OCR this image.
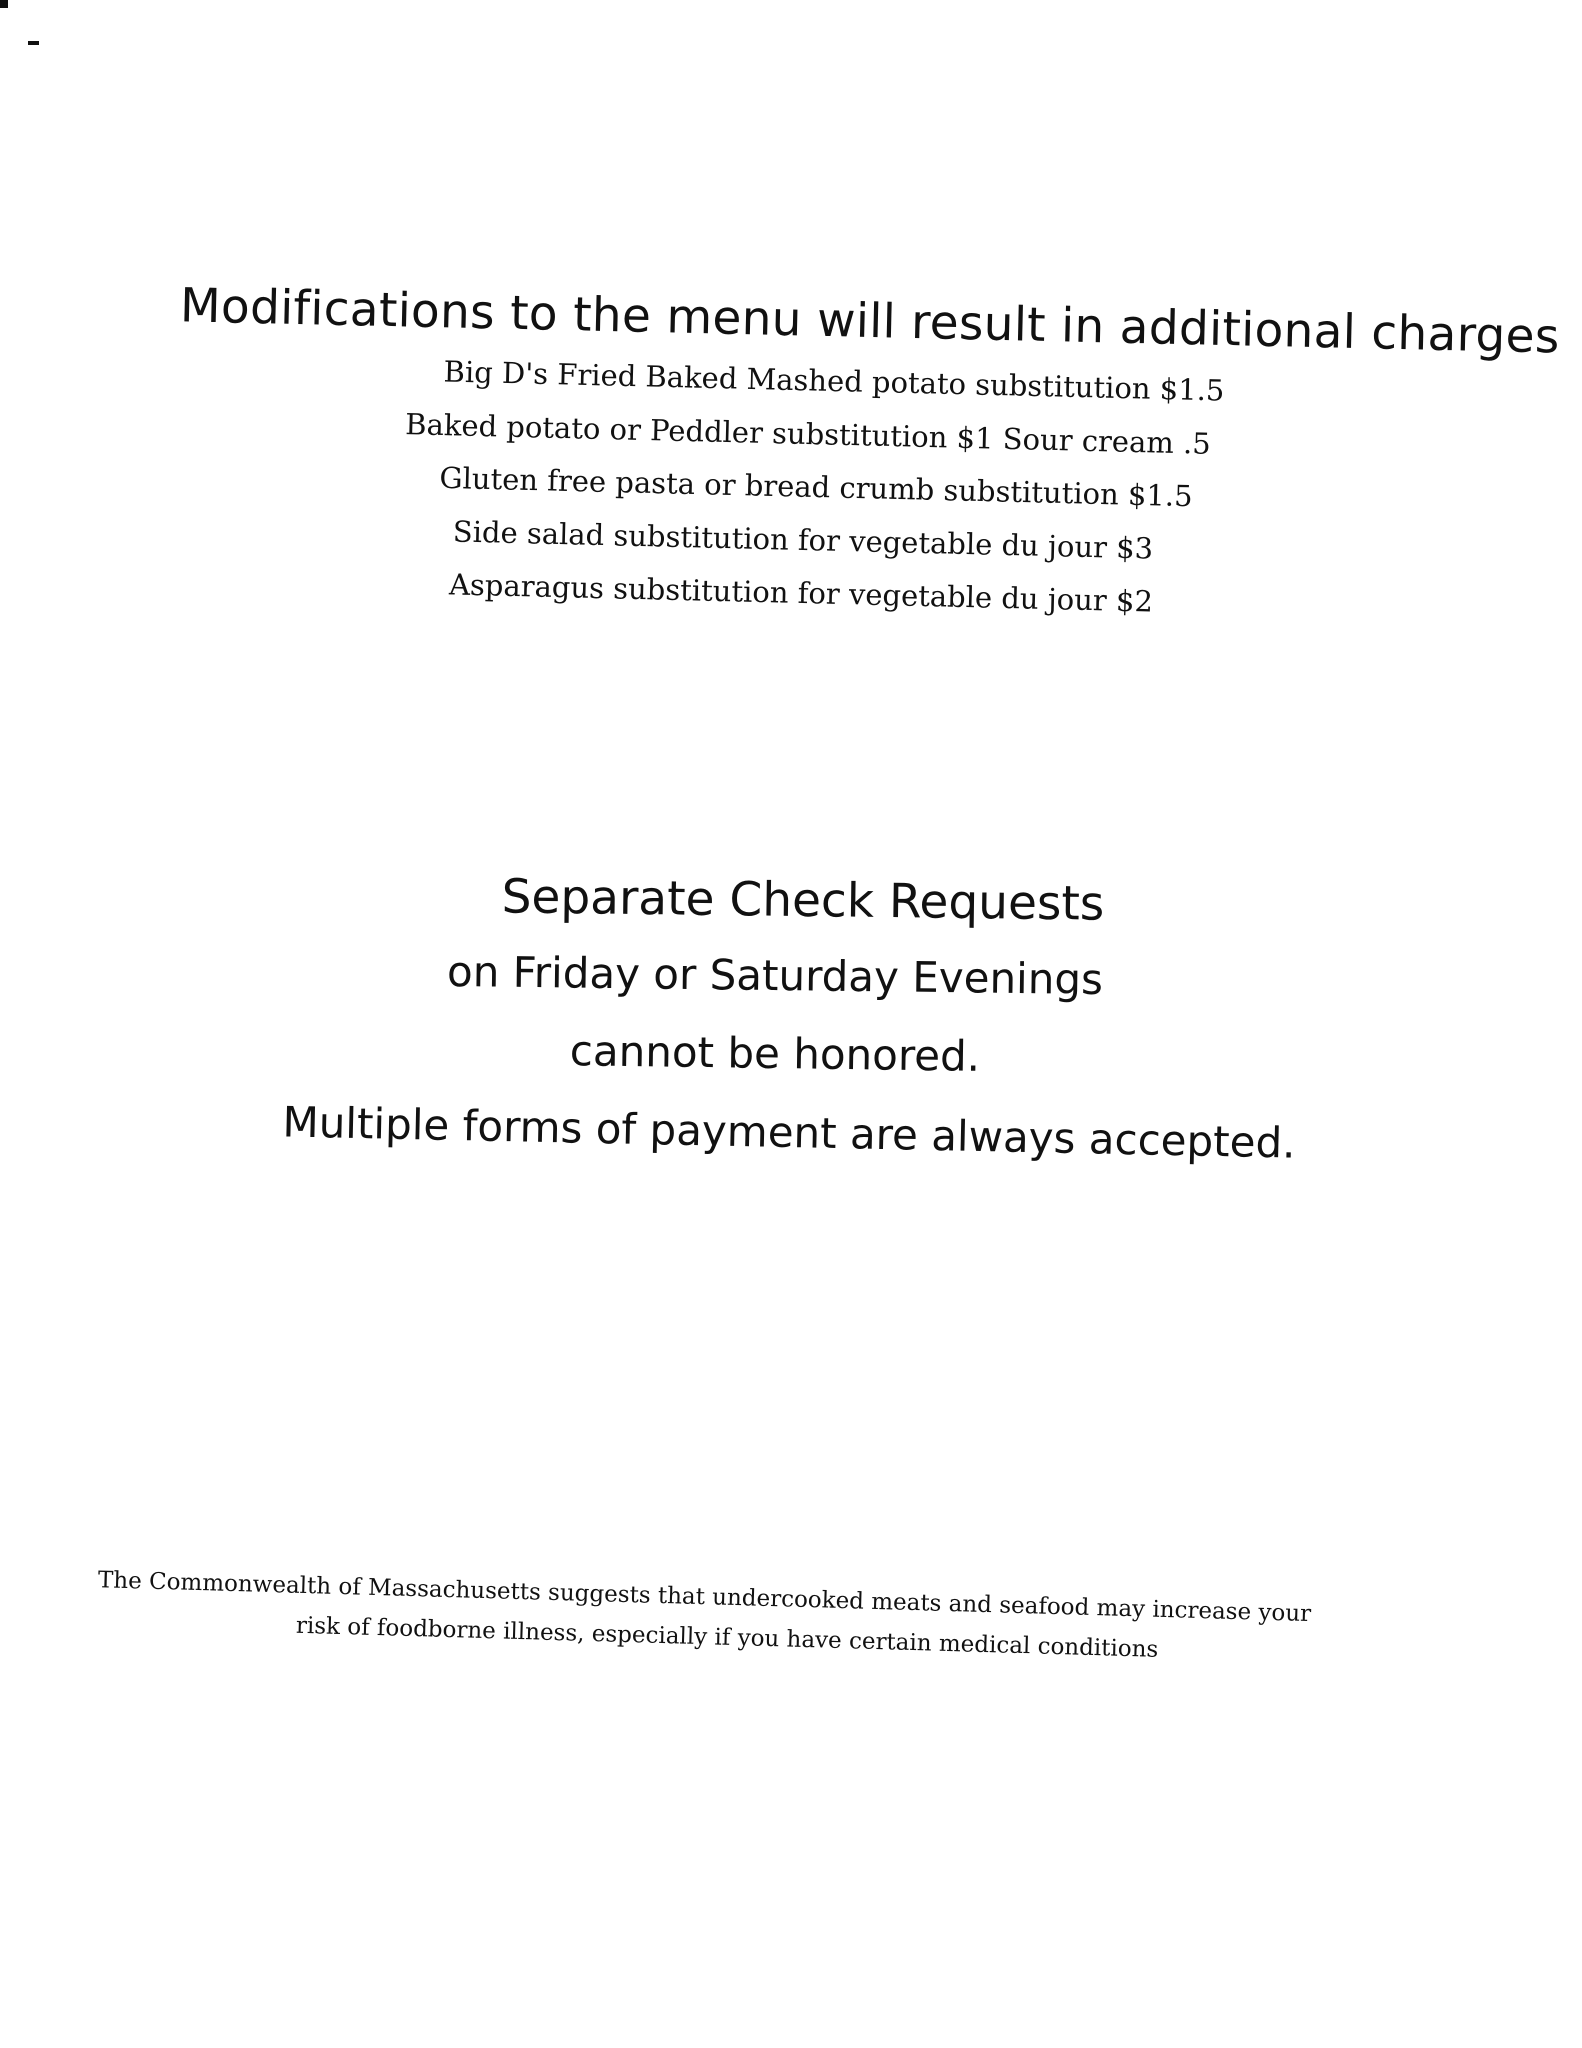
Modifications to the menu will result in additional charges
Big D's Fried Baked Mashed potato substitution $1.5
Baked potato or Peddler substitution $1 Sour cream .5
Gluten free pasta or bread crumb substitution $1.5
Side salad substitution for vegetable du jour $3
Asparagus substitution for vegetable du jour $2

Separate Check Requests

on Friday or Saturday Evenings

cannot be honored.

Multiple forms of payment are always accepted.

The Commonwealth of Massachusetts suggests that undercooked meats and seafood may increase your

risk of foodborne illness, especially if you have certain medical conditions
